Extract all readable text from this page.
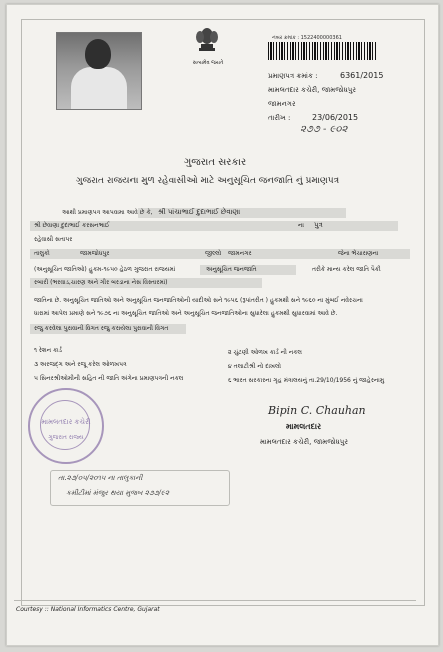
સત્યમેવ જયતે
નંબર ક્રમાંક : 1522400000361
પ્રમાણપત્ર ક્રમાંક :	6361/2015
મામલતદાર કચેરી, જામજોધપુર
જામનગર
તારીખ :	23/06/2015
૨૭૭ - ૯૦૨
ગુજરાત સરકાર
ગુજરાત રાજયના મુળ રહેવાસીઓ માટે અનુસૂચિત જનજાતિ નું પ્રમાણપત્ર
આથી પ્રમાણપત્ર આપવામા આવે છે કે, શ્રી પાંચાભાઈ દુદાભાઈ છેવાણા
શ્રી છેવાણા દુદાભાઈ કરસનભાઈ	ના પુત્ર
રહેવાસી સતાપર
તાલુકો	જામજોધપુર	જીલ્લો જામનગર	જેના ભેંચારાણના
(અનુસૂચિત જાતિઓ) હુકમ-૧૯૫૦ હેઠળ ગુજરાત રાજયમાં	અનુસૂચિત જનજાતિ	તરીકે માન્ય કરેલ જાતિ પૈકી
રબારી (ભરવાડ,ચારણ અને ગીર બરડાના નેસ વિસ્તારમાં)
જાતિના છે. અનુસૂચિત જાતિઓ અને અનુસૂચિત જનજાતિઓની યાદીઓ સને ૧૯૫૬ (રૂપાંતરીત ) હુકમથી સને ૧૯૬૦ ના મુંબઈ નવેરચના
ધારામાં આપેલ પ્રમાણે સને ૧૯૭૬ ના અનુસૂચિત જાતિઓ અને અનુસૂચિત જનજાતિઓના સુધારેલા હુકમથી સુધારવામાં આવે છે.
રજુ કરવેલા પુરાવાની વિગત રજુ કરાયેલા પુરાવાની વિગત
૧ રેશન કાર્ડ
૩ અરજદ્ગ અને રજૂ કરેલ ઓળખપત્ર
૫ સિનરશ્રીઓમીની સહિત ની જાતિ અંગેના પ્રમાણપત્રની નકલ
૨ ચુંટણી ઓળખ કાર્ડ ની નકલ
૪ તલાટીશ્રી નો દાખલો
૬ ભારત સરકારના ગૃહ મંત્રાલયનું તા.29/10/1956 નું જાહેરનામુ
મામલતદાર કચેરી
ગુજરાત રાજ્ય
Bipin C. Chauhan
મામલતદાર
મામલતદાર કચેરી, જામજોધપુર
તા.૨૭/૦૫/૨૦૧૫ ના તાલુકાની
કમીટીમાં મંજુર થયા મુજબ ૨૭૭/૯૨
Courtesy :: National Informatics Centre, Gujarat
